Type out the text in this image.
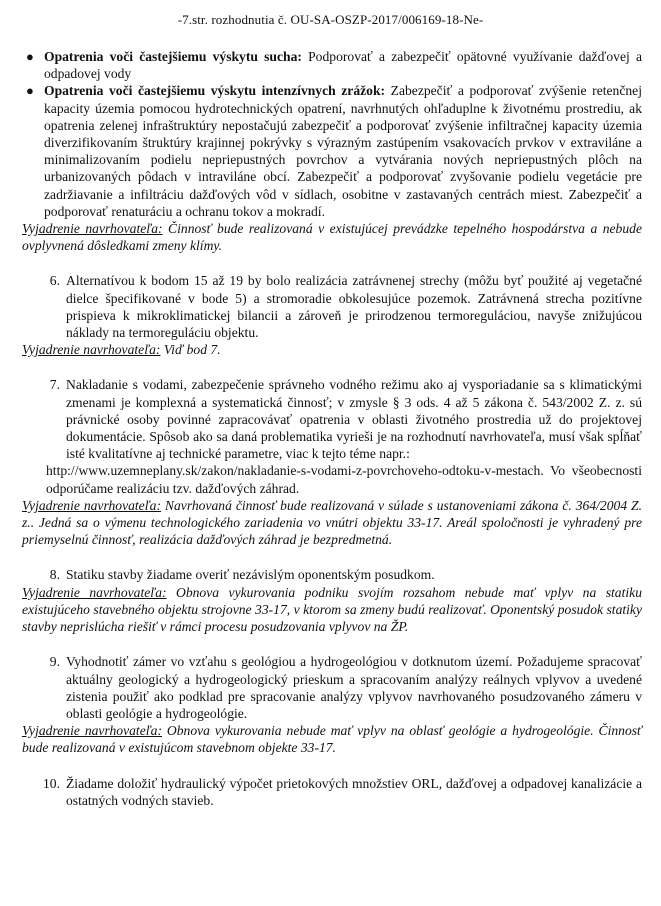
-7.str. rozhodnutia č. OU-SA-OSZP-2017/006169-18-Ne-
● Opatrenia voči častejšiemu výskytu sucha: Podporovať a zabezpečiť opätovné využívanie dažďovej a odpadovej vody

● Opatrenia voči častejšiemu výskytu intenzívnych zrážok: Zabezpečiť a podporovať zvýšenie retenčnej kapacity územia pomocou hydrotechnických opatrení, navrhnutých ohľaduplne k životnému prostrediu, ak opatrenia zelenej infraštruktúry nepostačujú zabezpečiť a podporovať zvýšenie infiltračnej kapacity územia diverzifikovaním štruktúry krajinnej pokrývky s výrazným zastúpením vsakovacích prvkov v extraviláne a minimalizovaním podielu nepriepustných povrchov a vytvárania nových nepriepustných plôch na urbanizovaných pôdach v intraviláne obcí. Zabezpečiť a podporovať zvyšovanie podielu vegetácie pre zadržiavanie a infiltráciu dažďových vôd v sídlach, osobitne v zastavaných centrách miest. Zabezpečiť a podporovať renaturáciu a ochranu tokov a mokradí.

Vyjadrenie navrhovateľa: Činnosť bude realizovaná v existujúcej prevádzke tepelného hospodárstva a nebude ovplyvnená dôsledkami zmeny klímy.

6. Alternatívou k bodom 15 až 19 by bolo realizácia zatrávnenej strechy (môžu byť použité aj vegetačné dielce špecifikované v bode 5) a stromoradie obkolesujúce pozemok. Zatrávnená strecha pozitívne prispieva k mikroklimatickej bilancii a zároveň je prirodzenou termoreguláciou, navyše znižujúcou náklady na termoreguláciu objektu.

Vyjadrenie navrhovateľa: Viď bod 7.

7. Nakladanie s vodami, zabezpečenie správneho vodného režimu ako aj vysporiadanie sa s klimatickými zmenami je komplexná a systematická činnosť; v zmysle § 3 ods. 4 až 5 zákona č. 543/2002 Z. z. sú právnické osoby povinné zapracovávať opatrenia v oblasti životného prostredia už do projektovej dokumentácie. Spôsob ako sa daná problematika vyrieši je na rozhodnutí navrhovateľa, musí však spĺňať isté kvalitatívne aj technické parametre, viac k tejto téme napr.:

http://www.uzemneplany.sk/zakon/nakladanie-s-vodami-z-povrchoveho-odtoku-v-mestach. Vo všeobecnosti odporúčame realizáciu tzv. dažďových záhrad.

Vyjadrenie navrhovateľa: Navrhovaná činnosť bude realizovaná v súlade s ustanoveniami zákona č. 364/2004 Z. z.. Jedná sa o výmenu technologického zariadenia vo vnútri objektu 33-17. Areál spoločnosti je vyhradený pre priemyselnú činnosť, realizácia dažďových záhrad je bezpredmetná.

8. Statiku stavby žiadame overiť nezávislým oponentským posudkom.

Vyjadrenie navrhovateľa: Obnova vykurovania podniku svojím rozsahom nebude mať vplyv na statiku existujúceho stavebného objektu strojovne 33-17, v ktorom sa zmeny budú realizovať. Oponentský posudok statiky stavby neprislúcha riešiť v rámci procesu posudzovania vplyvov na ŽP.

9. Vyhodnotiť zámer vo vzťahu s geológiou a hydrogeológiou v dotknutom území. Požadujeme spracovať aktuálny geologický a hydrogeologický prieskum a spracovaním analýzy reálnych vplyvov a uvedené zistenia použiť ako podklad pre spracovanie analýzy vplyvov navrhovaného posudzovaného zámeru v oblasti geológie a hydrogeológie.

Vyjadrenie navrhovateľa: Obnova vykurovania nebude mať vplyv na oblasť geológie a hydrogeológie. Činnosť bude realizovaná v existujúcom stavebnom objekte 33-17.

10. Žiadame doložiť hydraulický výpočet prietokových množstiev ORL, dažďovej a odpadovej kanalizácie a ostatných vodných stavieb.
